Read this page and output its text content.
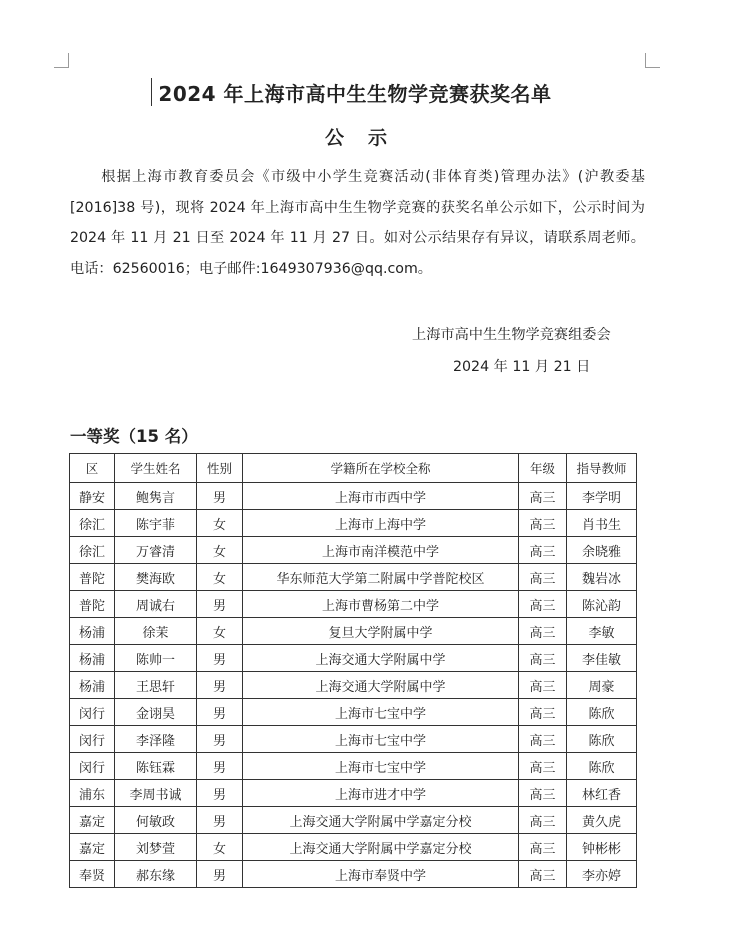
2024 年上海市高中生生物学竞赛获奖名单
公 示
根据上海市教育委员会《市级中小学生竞赛活动(非体育类)管理办法》(沪教委基[2016]38 号)，现将 2024 年上海市高中生生物学竞赛的获奖名单公示如下，公示时间为 2024 年 11 月 21 日至 2024 年 11 月 27 日。如对公示结果存有异议，请联系周老师。电话：62560016；电子邮件:1649307936@qq.com。
上海市高中生生物学竞赛组委会
2024 年 11 月 21 日
一等奖（15 名）
区	学生姓名	性别	学籍所在学校全称	年级	指导教师
静安	鲍隽言	男	上海市市西中学	高三	李学明
徐汇	陈宇菲	女	上海市上海中学	高三	肖书生
徐汇	万睿清	女	上海市南洋模范中学	高三	余晓雅
普陀	樊海欧	女	华东师范大学第二附属中学普陀校区	高三	魏岩冰
普陀	周诚右	男	上海市曹杨第二中学	高三	陈沁韵
杨浦	徐茉	女	复旦大学附属中学	高三	李敏
杨浦	陈帅一	男	上海交通大学附属中学	高三	李佳敏
杨浦	王思轩	男	上海交通大学附属中学	高三	周豪
闵行	金诩昊	男	上海市七宝中学	高三	陈欣
闵行	李泽隆	男	上海市七宝中学	高三	陈欣
闵行	陈钰霖	男	上海市七宝中学	高三	陈欣
浦东	李周书诚	男	上海市进才中学	高三	林红香
嘉定	何敏政	男	上海交通大学附属中学嘉定分校	高三	黄久虎
嘉定	刘梦萱	女	上海交通大学附属中学嘉定分校	高三	钟彬彬
奉贤	郝东缘	男	上海市奉贤中学	高三	李亦婷
